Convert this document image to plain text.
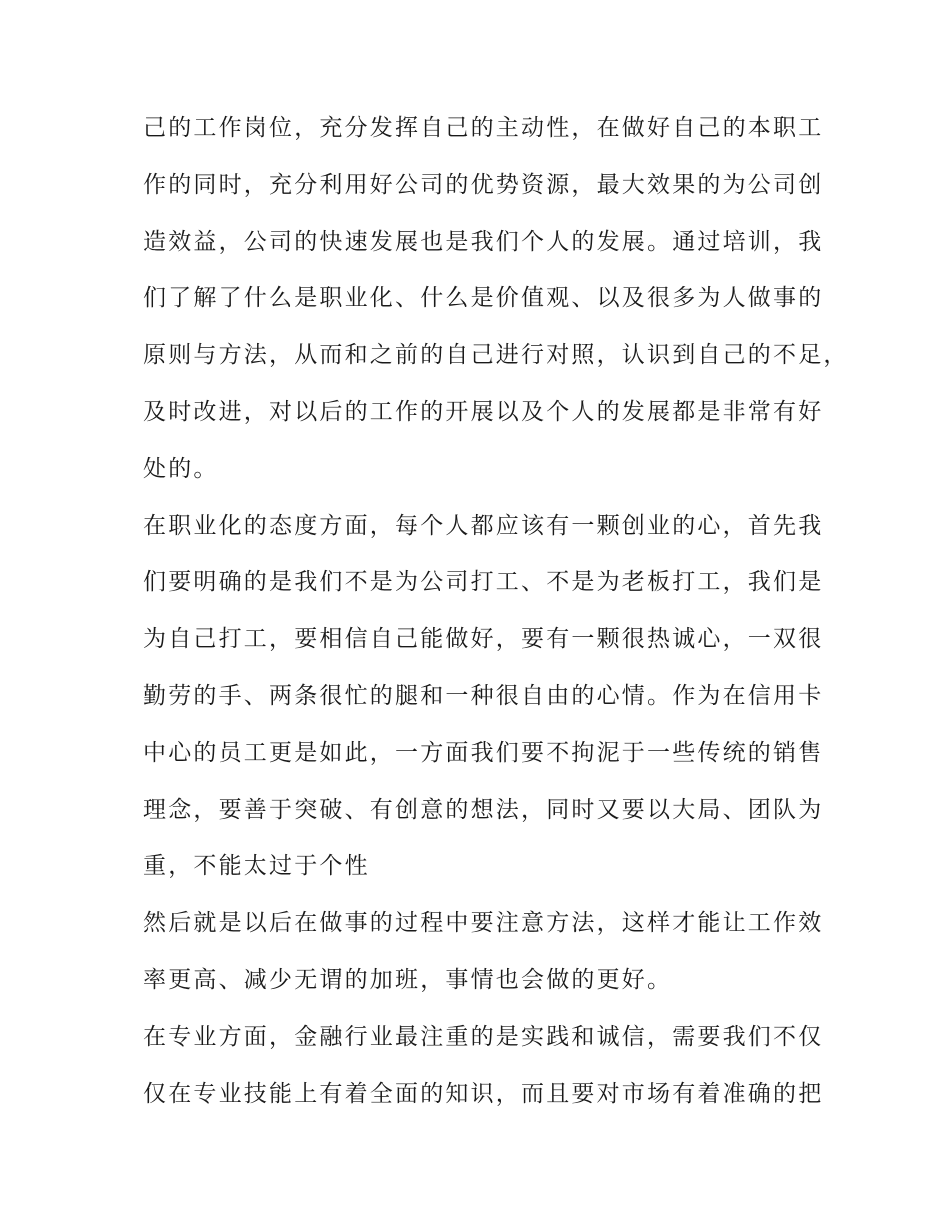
己的工作岗位，充分发挥自己的主动性，在做好自己的本职工
作的同时，充分利用好公司的优势资源，最大效果的为公司创
造效益，公司的快速发展也是我们个人的发展。通过培训，我
们了解了什么是职业化、什么是价值观、以及很多为人做事的
原则与方法，从而和之前的自己进行对照，认识到自己的不足，
及时改进，对以后的工作的开展以及个人的发展都是非常有好
处的。
在职业化的态度方面，每个人都应该有一颗创业的心，首先我
们要明确的是我们不是为公司打工、不是为老板打工，我们是
为自己打工，要相信自己能做好，要有一颗很热诚心，一双很
勤劳的手、两条很忙的腿和一种很自由的心情。作为在信用卡
中心的员工更是如此，一方面我们要不拘泥于一些传统的销售
理念，要善于突破、有创意的想法，同时又要以大局、团队为
重，不能太过于个性
然后就是以后在做事的过程中要注意方法，这样才能让工作效
率更高、减少无谓的加班，事情也会做的更好。
在专业方面，金融行业最注重的是实践和诚信，需要我们不仅
仅在专业技能上有着全面的知识，而且要对市场有着准确的把
